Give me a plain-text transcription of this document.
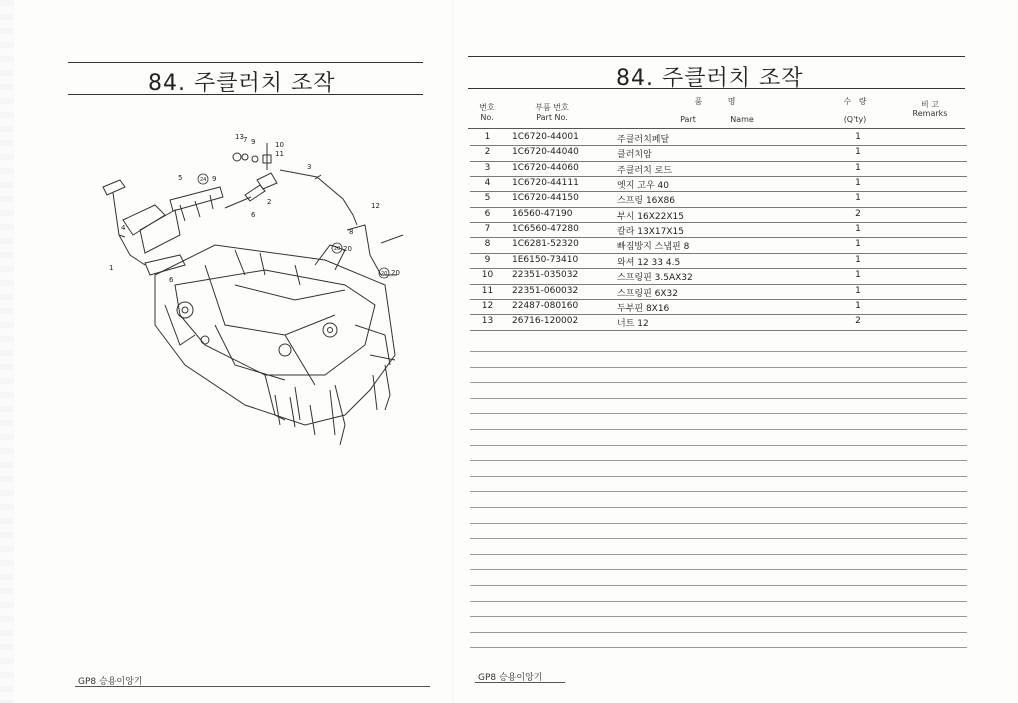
84. 주클러치 조작
13 7 9	10
11
3
5	9
2
6
4
1
6
12
8
20
20
24
20
20
GP8 승용이앙기
84. 주클러치 조작
번호
No.
부품 번호
Part No.
품          명
Part	Name
수   량
(Q'ty)
비 고
Remarks
1	1C6720-44001	주클러치페달	1
2	1C6720-44040	클러치암	1
3	1C6720-44060	주클러치 로드	1
4	1C6720-44111	엣지 고우 40	1
5	1C6720-44150	스프링 16X86	1
6	16560-47190	부시 16X22X15	2
7	1C6560-47280	칼라 13X17X15	1
8	1C6281-52320	빠짐방지 스냅핀 8	1
9	1E6150-73410	와셔 12 33 4.5	1
10	22351-035032	스프링핀 3.5AX32	1
11	22351-060032	스프링핀 6X32	1
12	22487-080160	두부핀 8X16	1
13	26716-120002	너트 12	2
GP8 승용이앙기
